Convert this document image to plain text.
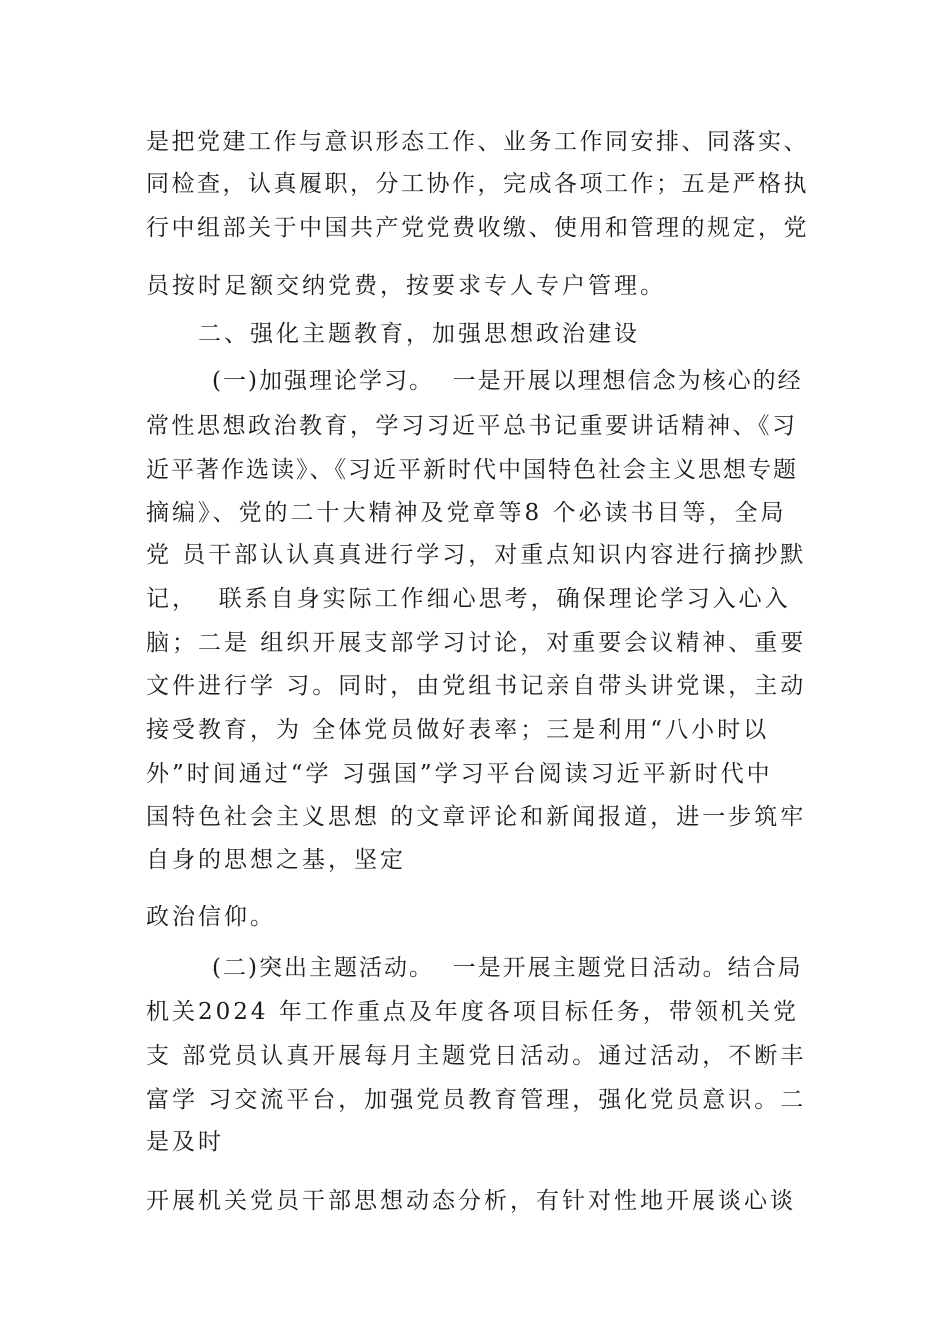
是把党建工作与意识形态工作、业务工作同安排、同落实、
同检查，认真履职，分工协作，完成各项工作；五是严格执
行中组部关于中国共产党党费收缴、使用和管理的规定，党
员按时足额交纳党费，按要求专人专户管理。
二、强化主题教育，加强思想政治建设
(一)加强理论学习。  一是开展以理想信念为核心的经
常性思想政治教育，学习习近平总书记重要讲话精神、《习
近平著作选读》、《习近平新时代中国特色社会主义思想专题
摘编》、党的二十大精神及党章等8 个必读书目等，全局
党 员干部认认真真进行学习，对重点知识内容进行摘抄默
记，  联系自身实际工作细心思考，确保理论学习入心入
脑；二是 组织开展支部学习讨论，对重要会议精神、重要
文件进行学 习。同时，由党组书记亲自带头讲党课，主动
接受教育，为 全体党员做好表率；三是利用“八小时以
外”时间通过“学 习强国”学习平台阅读习近平新时代中
国特色社会主义思想 的文章评论和新闻报道，进一步筑牢
自身的思想之基，坚定
政治信仰。
(二)突出主题活动。  一是开展主题党日活动。结合局
机关2024 年工作重点及年度各项目标任务，带领机关党
支 部党员认真开展每月主题党日活动。通过活动，不断丰
富学 习交流平台，加强党员教育管理，强化党员意识。二
是及时
开展机关党员干部思想动态分析，有针对性地开展谈心谈
